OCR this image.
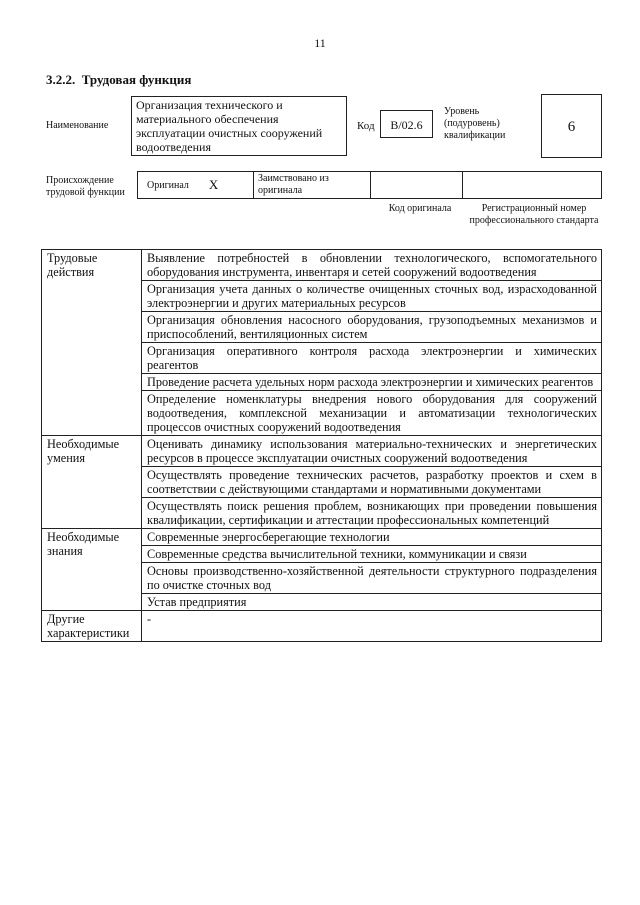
11
3.2.2. Трудовая функция
Наименование
Организация технического и материального обеспечения эксплуатации очистных сооружений водоотведения
Код	В/02.6
Уровень (подуровень) квалификации
6
Происхождение трудовой функции
Оригинал X	Заимствовано из оригинала
Код оригинала	Регистрационный номер профессионального стандарта
Трудовые действия	Выявление потребностей в обновлении технологического, вспомогательного оборудования инструмента, инвентаря и сетей сооружений водоотведения
	Организация учета данных о количестве очищенных сточных вод, израсходованной электроэнергии и других материальных ресурсов
	Организация обновления насосного оборудования, грузоподъемных механизмов и приспособлений, вентиляционных систем
	Организация оперативного контроля расхода электроэнергии и химических реагентов
	Проведение расчета удельных норм расхода электроэнергии и химических реагентов
	Определение номенклатуры внедрения нового оборудования для сооружений водоотведения, комплексной механизации и автоматизации технологических процессов очистных сооружений водоотведения
Необходимые умения	Оценивать динамику использования материально-технических и энергетических ресурсов в процессе эксплуатации очистных сооружений водоотведения
	Осуществлять проведение технических расчетов, разработку проектов и схем в соответствии с действующими стандартами и нормативными документами
	Осуществлять поиск решения проблем, возникающих при проведении повышения квалификации, сертификации и аттестации профессиональных компетенций
Необходимые знания	Современные энергосберегающие технологии
	Современные средства вычислительной техники, коммуникации и связи
	Основы производственно-хозяйственной деятельности структурного подразделения по очистке сточных вод
	Устав предприятия
Другие характеристики	-
